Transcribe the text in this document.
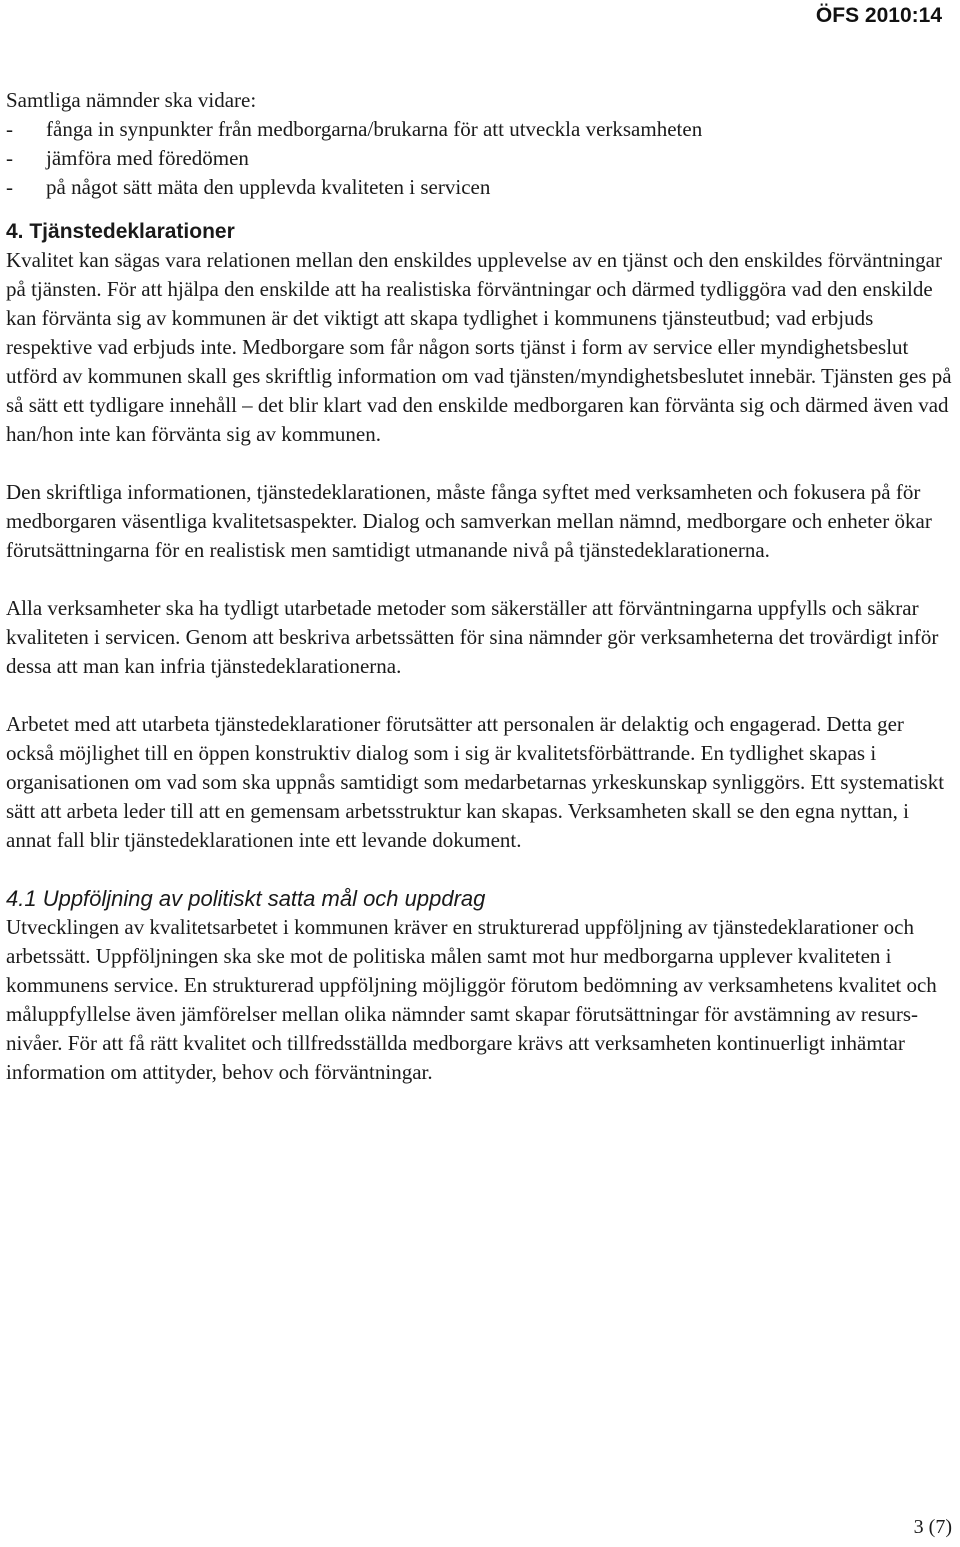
ÖFS 2010:14

Samtliga nämnder ska vidare:

-	fånga in synpunkter från medborgarna/brukarna för att utveckla verksamheten
-	jämföra med föredömen
-	på något sätt mäta den upplevda kvaliteten i servicen
4. Tjänstedeklarationer

Kvalitet kan sägas vara relationen mellan den enskildes upplevelse av en tjänst och den enskildes förväntningar på tjänsten. För att hjälpa den enskilde att ha realistiska förväntningar och därmed tydliggöra vad den enskilde kan förvänta sig av kommunen är det viktigt att skapa tydlighet i kommunens tjänsteutbud; vad erbjuds respektive vad erbjuds inte. Medborgare som får någon sorts tjänst i form av service eller myndighetsbeslut utförd av kommunen skall ges skriftlig information om vad tjänsten/myndighetsbeslutet innebär. Tjänsten ges på så sätt ett tydligare innehåll – det blir klart vad den enskilde medborgaren kan förvänta sig och därmed även vad han/hon inte kan förvänta sig av kommunen.

Den skriftliga informationen, tjänstedeklarationen, måste fånga syftet med verksamheten och fokusera på för medborgaren väsentliga kvalitetsaspekter. Dialog och samverkan mellan nämnd, medborgare och enheter ökar förutsättningarna för en realistisk men samtidigt utmanande nivå på tjänstedeklarationerna.

Alla verksamheter ska ha tydligt utarbetade metoder som säkerställer att förväntningarna uppfylls och säkrar kvaliteten i servicen. Genom att beskriva arbetssätten för sina nämnder gör verksamheterna det trovärdigt inför dessa att man kan infria tjänstedeklarationerna.

Arbetet med att utarbeta tjänstedeklarationer förutsätter att personalen är delaktig och engagerad. Detta ger också möjlighet till en öppen konstruktiv dialog som i sig är kvalitetsförbättrande. En tydlighet skapas i organisationen om vad som ska uppnås samtidigt som medarbetarnas yrkeskunskap synliggörs. Ett systematiskt sätt att arbeta leder till att en gemensam arbetsstruktur kan skapas. Verksamheten skall se den egna nyttan, i annat fall blir tjänstedeklarationen inte ett levande dokument.

4.1 Uppföljning av politiskt satta mål och uppdrag

Utvecklingen av kvalitetsarbetet i kommunen kräver en strukturerad uppföljning av tjänstedeklarationer och arbetssätt. Uppföljningen ska ske mot de politiska målen samt mot hur medborgarna upplever kvaliteten i kommunens service. En strukturerad uppföljning möjliggör förutom bedömning av verksamhetens kvalitet och måluppfyllelse även jämförelser mellan olika nämnder samt skapar förutsättningar för avstämning av resursnivåer. För att få rätt kvalitet och tillfredsställda medborgare krävs att verksamheten kontinuerligt inhämtar information om attityder, behov och förväntningar.

3 (7)
